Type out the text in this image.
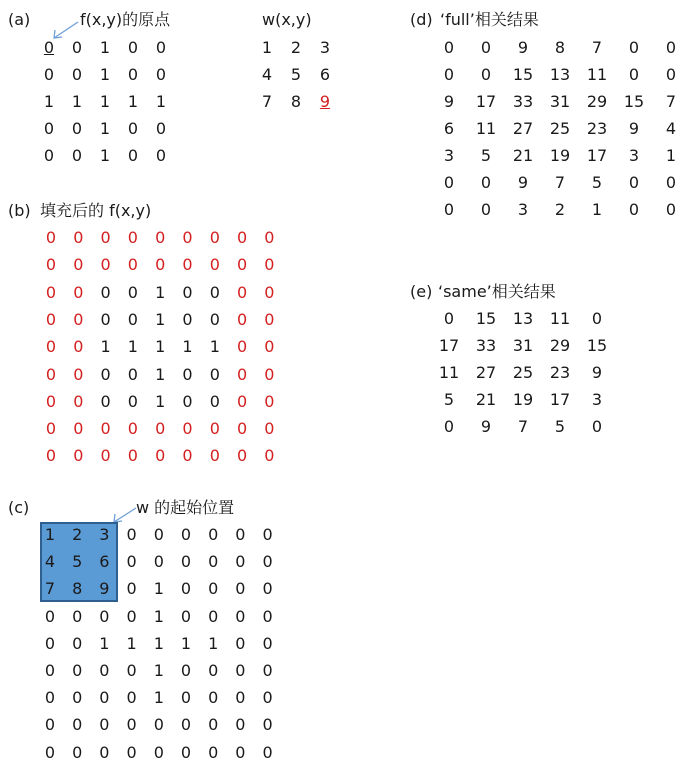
(a)	f(x,y)的原点
0	0	1	0	0
0	0	1	0	0
1	1	1	1	1
0	0	1	0	0
0	0	1	0	0
w(x,y)
1	2	3
4	5	6
7	8	9
(b) 填充后的 f(x,y)
0	0	0	0	0	0	0	0	0
0	0	0	0	0	0	0	0	0
0	0	0	0	1	0	0	0	0
0	0	0	0	1	0	0	0	0
0	0	1	1	1	1	1	0	0
0	0	0	0	1	0	0	0	0
0	0	0	0	1	0	0	0	0
0	0	0	0	0	0	0	0	0
0	0	0	0	0	0	0	0	0
(c)	w 的起始位置
1	2	3	0	0	0	0	0	0
4	5	6	0	0	0	0	0	0
7	8	9	0	1	0	0	0	0
0	0	0	0	1	0	0	0	0
0	0	1	1	1	1	1	0	0
0	0	0	0	1	0	0	0	0
0	0	0	0	1	0	0	0	0
0	0	0	0	0	0	0	0	0
0	0	0	0	0	0	0	0	0
(d) ‘full’相关结果
0	0	9	8	7	0	0
0	0	15 13 11	0	0
9	17 33 31 29 15	7
6	11 27 25 23	9	4
3	5	21 19 17	3	1
0	0	9	7	5	0	0
0	0	3	2	1	0	0
(e) ‘same’相关结果
0	15 13 11	0
17 33 31 29 15
11 27 25 23	9
5	21 19 17	3
0	9	7	5	0
